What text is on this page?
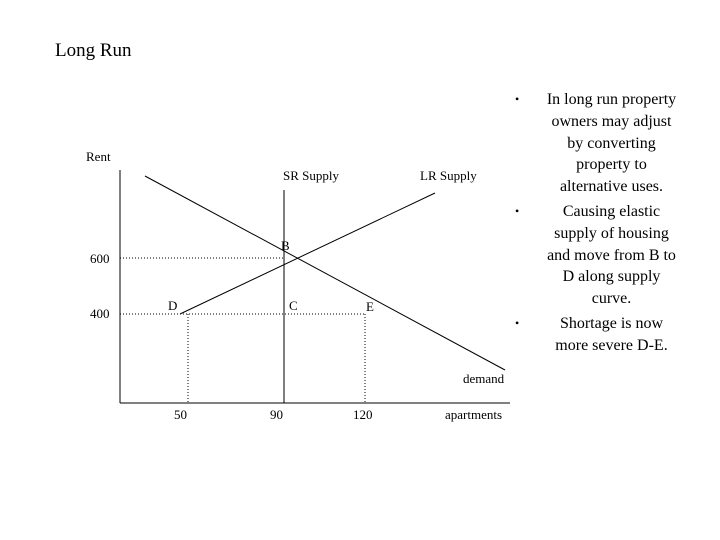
Long Run
Rent
apartments
600
400
50	90	120
SR Supply	LR Supply
demand
B
C
D	E
• In long run property owners may adjust by converting property to alternative uses.
•	Causing elastic supply of housing and move from B to D along supply curve.
•	Shortage is now more severe D-E.
